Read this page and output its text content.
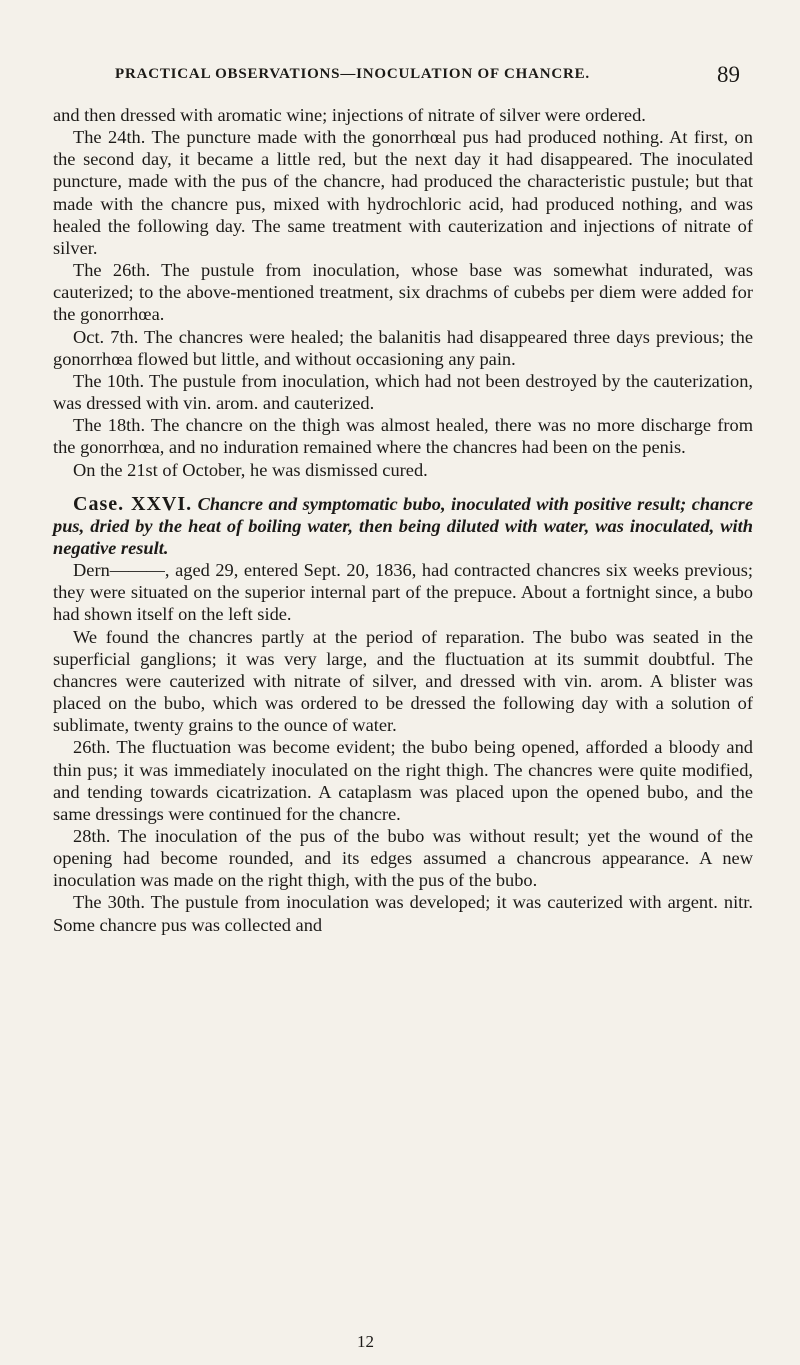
PRACTICAL OBSERVATIONS—INOCULATION OF CHANCRE.	89

and then dressed with aromatic wine; injections of nitrate of silver were ordered.

The 24th. The puncture made with the gonorrhœal pus had produced nothing. At first, on the second day, it became a little red, but the next day it had disappeared. The inoculated puncture, made with the pus of the chancre, had produced the characteristic pustule; but that made with the chancre pus, mixed with hydrochloric acid, had produced nothing, and was healed the following day. The same treatment with cauterization and injections of nitrate of silver.

The 26th. The pustule from inoculation, whose base was somewhat indurated, was cauterized; to the above-mentioned treatment, six drachms of cubebs per diem were added for the gonorrhœa.

Oct. 7th. The chancres were healed; the balanitis had disappeared three days previous; the gonorrhœa flowed but little, and without occasioning any pain.

The 10th. The pustule from inoculation, which had not been destroyed by the cauterization, was dressed with vin. arom. and cauterized.

The 18th. The chancre on the thigh was almost healed, there was no more discharge from the gonorrhœa, and no induration remained where the chancres had been on the penis.

On the 21st of October, he was dismissed cured.

Case. XXVI. Chancre and symptomatic bubo, inoculated with positive result; chancre pus, dried by the heat of boiling water, then being diluted with water, was inoculated, with negative result.

Dern———, aged 29, entered Sept. 20, 1836, had contracted chancres six weeks previous; they were situated on the superior internal part of the prepuce. About a fortnight since, a bubo had shown itself on the left side.

We found the chancres partly at the period of reparation. The bubo was seated in the superficial ganglions; it was very large, and the fluctuation at its summit doubtful. The chancres were cauterized with nitrate of silver, and dressed with vin. arom. A blister was placed on the bubo, which was ordered to be dressed the following day with a solution of sublimate, twenty grains to the ounce of water.

26th. The fluctuation was become evident; the bubo being opened, afforded a bloody and thin pus; it was immediately inoculated on the right thigh. The chancres were quite modified, and tending towards cicatrization. A cataplasm was placed upon the opened bubo, and the same dressings were continued for the chancre.

28th. The inoculation of the pus of the bubo was without result; yet the wound of the opening had become rounded, and its edges assumed a chancrous appearance. A new inoculation was made on the right thigh, with the pus of the bubo.

The 30th. The pustule from inoculation was developed; it was cauterized with argent. nitr. Some chancre pus was collected and

12
